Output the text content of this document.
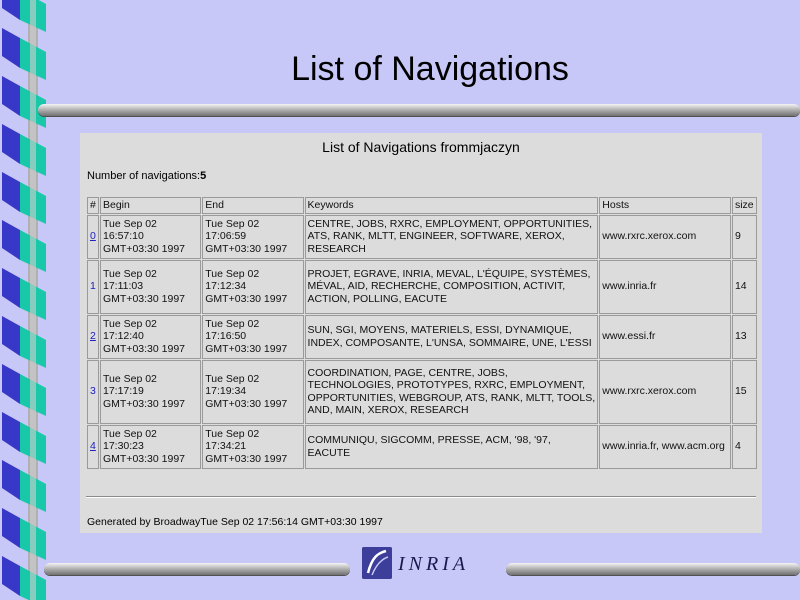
List of Navigations
List of Navigations frommjaczyn
Number of navigations:5
#	Begin	End	Keywords	Hosts	size
0	Tue Sep 02
16:57:10
GMT+03:30 1997	Tue Sep 02
17:06:59
GMT+03:30 1997	CENTRE, JOBS, RXRC, EMPLOYMENT, OPPORTUNITIES, ATS, RANK, MLTT, ENGINEER, SOFTWARE, XEROX, RESEARCH	www.rxrc.xerox.com	9
1	Tue Sep 02
17:11:03
GMT+03:30 1997	Tue Sep 02
17:12:34
GMT+03:30 1997	PROJET, EGRAVE, INRIA, MEVAL, L'ÉQUIPE, SYSTÈMES, MÉVAL, AID, RECHERCHE, COMPOSITION, ACTIVIT, ACTION, POLLING, EACUTE	www.inria.fr	14
2	Tue Sep 02
17:12:40
GMT+03:30 1997	Tue Sep 02
17:16:50
GMT+03:30 1997	SUN, SGI, MOYENS, MATERIELS, ESSI, DYNAMIQUE, INDEX, COMPOSANTE, L'UNSA, SOMMAIRE, UNE, L'ESSI	www.essi.fr	13
3	Tue Sep 02
17:17:19
GMT+03:30 1997	Tue Sep 02
17:19:34
GMT+03:30 1997	COORDINATION, PAGE, CENTRE, JOBS, TECHNOLOGIES, PROTOTYPES, RXRC, EMPLOYMENT, OPPORTUNITIES, WEBGROUP, ATS, RANK, MLTT, TOOLS, AND, MAIN, XEROX, RESEARCH	www.rxrc.xerox.com	15
4	Tue Sep 02
17:30:23
GMT+03:30 1997	Tue Sep 02
17:34:21
GMT+03:30 1997	COMMUNIQU, SIGCOMM, PRESSE, ACM, '98, '97, EACUTE	www.inria.fr, www.acm.org	4
Generated by BroadwayTue Sep 02 17:56:14 GMT+03:30 1997
INRIA
